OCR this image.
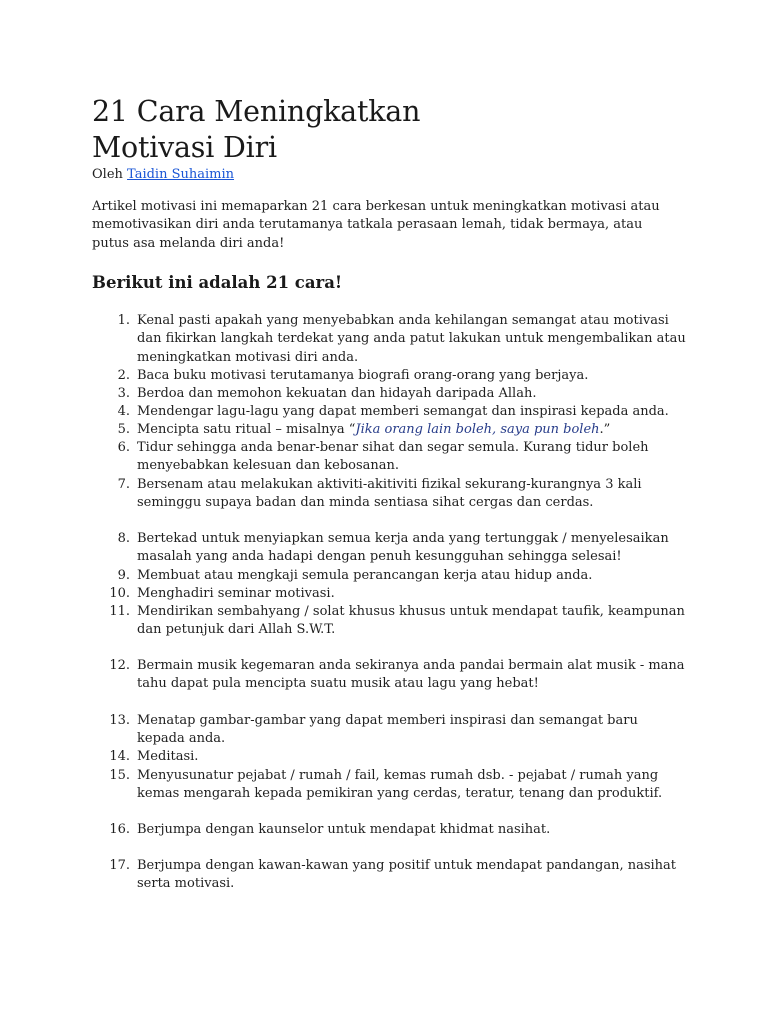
21 Cara Meningkatkan
Motivasi Diri
Oleh Taidin Suhaimin

Artikel motivasi ini memaparkan 21 cara berkesan untuk meningkatkan motivasi atau memotivasikan diri anda terutamanya tatkala perasaan lemah, tidak bermaya, atau putus asa melanda diri anda!

Berikut ini adalah 21 cara!
1. Kenal pasti apakah yang menyebabkan anda kehilangan semangat atau motivasi dan fikirkan langkah terdekat yang anda patut lakukan untuk mengembalikan atau meningkatkan motivasi diri anda.
2. Baca buku motivasi terutamanya biografi orang-orang yang berjaya.
3. Berdoa dan memohon kekuatan dan hidayah daripada Allah.
4. Mendengar lagu-lagu yang dapat memberi semangat dan inspirasi kepada anda.
5. Mencipta satu ritual – misalnya “Jika orang lain boleh, saya pun boleh.”
6. Tidur sehingga anda benar-benar sihat dan segar semula. Kurang tidur boleh menyebabkan kelesuan dan kebosanan.
7. Bersenam atau melakukan aktiviti-akitiviti fizikal sekurang-kurangnya 3 kali seminggu supaya badan dan minda sentiasa sihat cergas dan cerdas.
8. Bertekad untuk menyiapkan semua kerja anda yang tertunggak / menyelesaikan masalah yang anda hadapi dengan penuh kesungguhan sehingga selesai!
9. Membuat atau mengkaji semula perancangan kerja atau hidup anda.
10. Menghadiri seminar motivasi.
11. Mendirikan sembahyang / solat khusus khusus untuk mendapat taufik, keampunan dan petunjuk dari Allah S.W.T.
12. Bermain musik kegemaran anda sekiranya anda pandai bermain alat musik - mana tahu dapat pula mencipta suatu musik atau lagu yang hebat!
13. Menatap gambar-gambar yang dapat memberi inspirasi dan semangat baru kepada anda.
14. Meditasi.
15. Menyusunatur pejabat / rumah / fail, kemas rumah dsb. - pejabat / rumah yang kemas mengarah kepada pemikiran yang cerdas, teratur, tenang dan produktif.
16. Berjumpa dengan kaunselor untuk mendapat khidmat nasihat.
17. Berjumpa dengan kawan-kawan yang positif untuk mendapat pandangan, nasihat serta motivasi.
